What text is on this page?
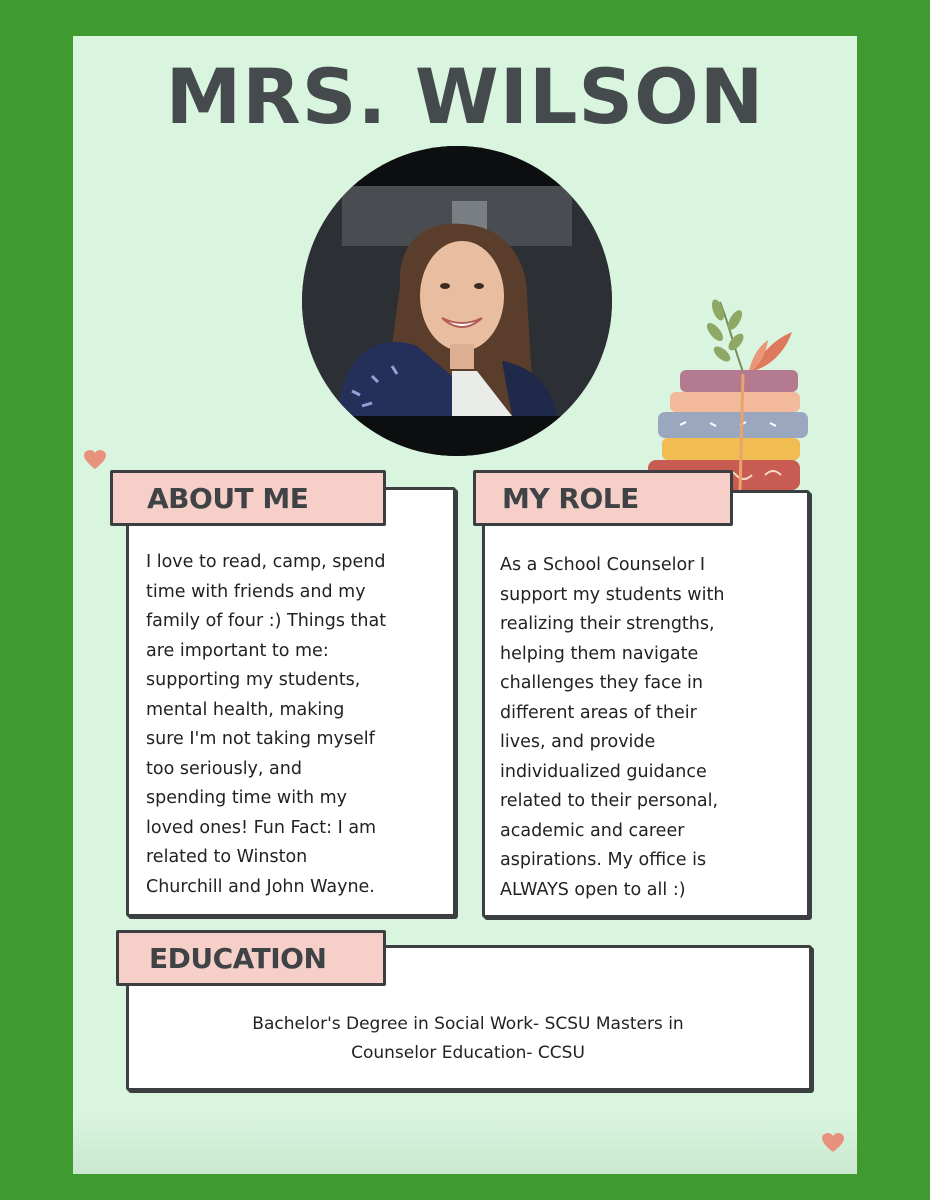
MRS. WILSON
ABOUT ME
I love to read, camp, spend
time with friends and my
family of four :) Things that
are important to me:
supporting my students,
mental health, making
sure I'm not taking myself
too seriously, and
spending time with my
loved ones! Fun Fact: I am
related to Winston
Churchill and John Wayne.
MY ROLE
As a School Counselor I
support my students with
realizing their strengths,
helping them navigate
challenges they face in
different areas of their
lives, and provide
individualized guidance
related to their personal,
academic and career
aspirations. My office is
ALWAYS open to all :)
EDUCATION
Bachelor's Degree in Social Work- SCSU Masters in
Counselor Education- CCSU
